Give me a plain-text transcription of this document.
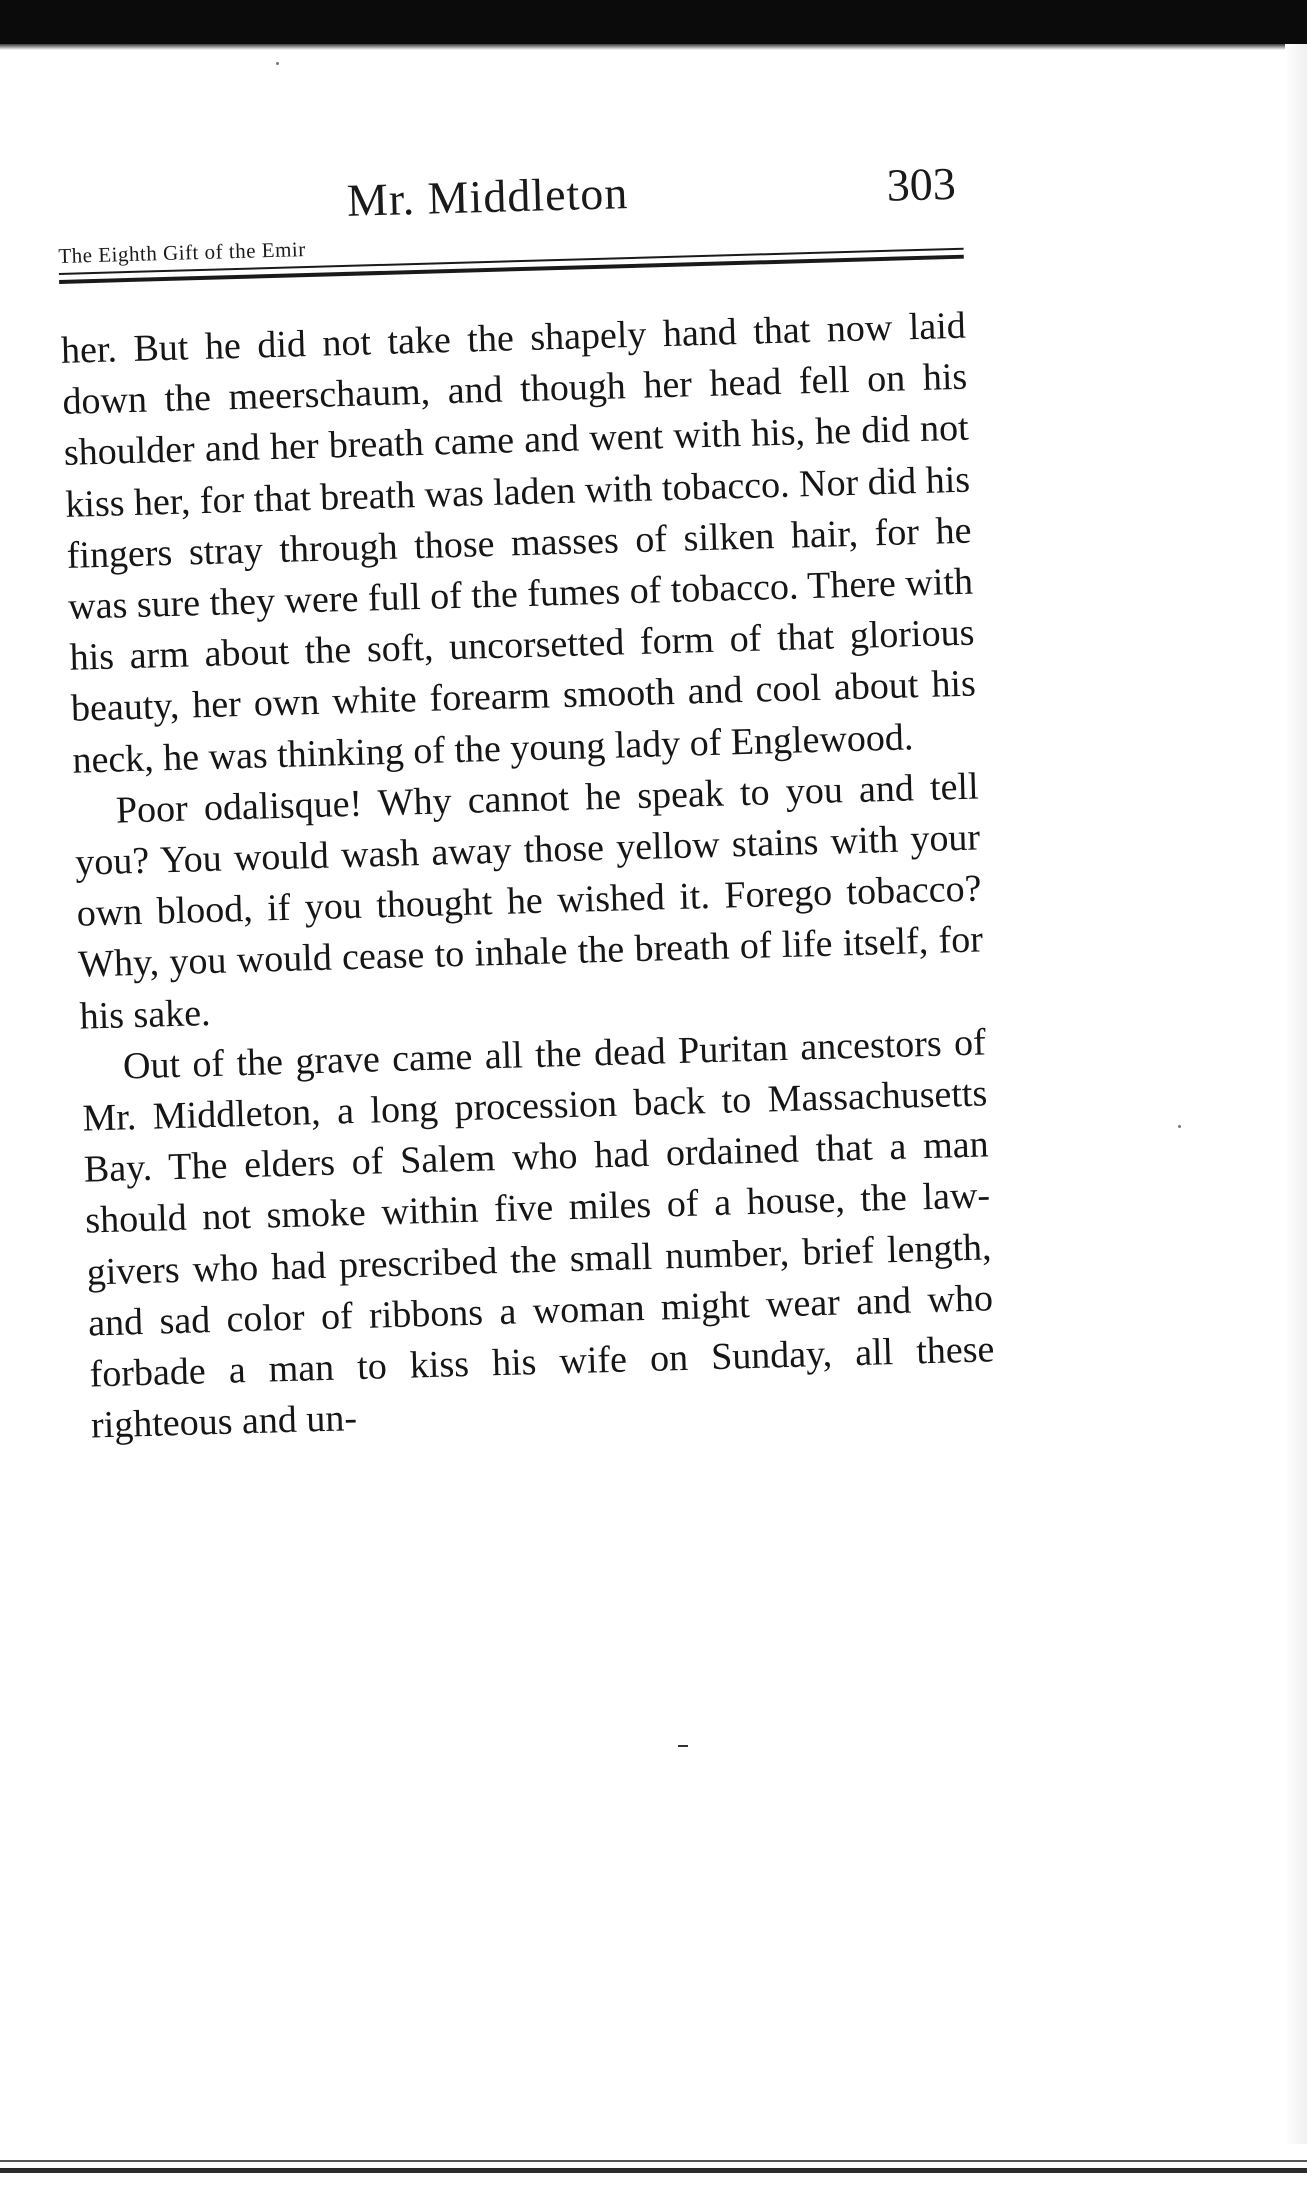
Mr. Middleton	303
The Eighth Gift of the Emir

her. But he did not take the shapely hand that now laid down the meerschaum, and though her head fell on his shoulder and her breath came and went with his, he did not kiss her, for that breath was laden with tobacco. Nor did his fingers stray through those masses of silken hair, for he was sure they were full of the fumes of tobacco. There with his arm about the soft, uncorsetted form of that glorious beauty, her own white forearm smooth and cool about his neck, he was thinking of the young lady of Englewood.

Poor odalisque! Why cannot he speak to you and tell you? You would wash away those yellow stains with your own blood, if you thought he wished it. Forego tobacco? Why, you would cease to inhale the breath of life itself, for his sake.

Out of the grave came all the dead Puritan ancestors of Mr. Middleton, a long procession back to Massachusetts Bay. The elders of Salem who had ordained that a man should not smoke within five miles of a house, the law-givers who had prescribed the small number, brief length, and sad color of ribbons a woman might wear and who forbade a man to kiss his wife on Sunday, all these righteous and un-
